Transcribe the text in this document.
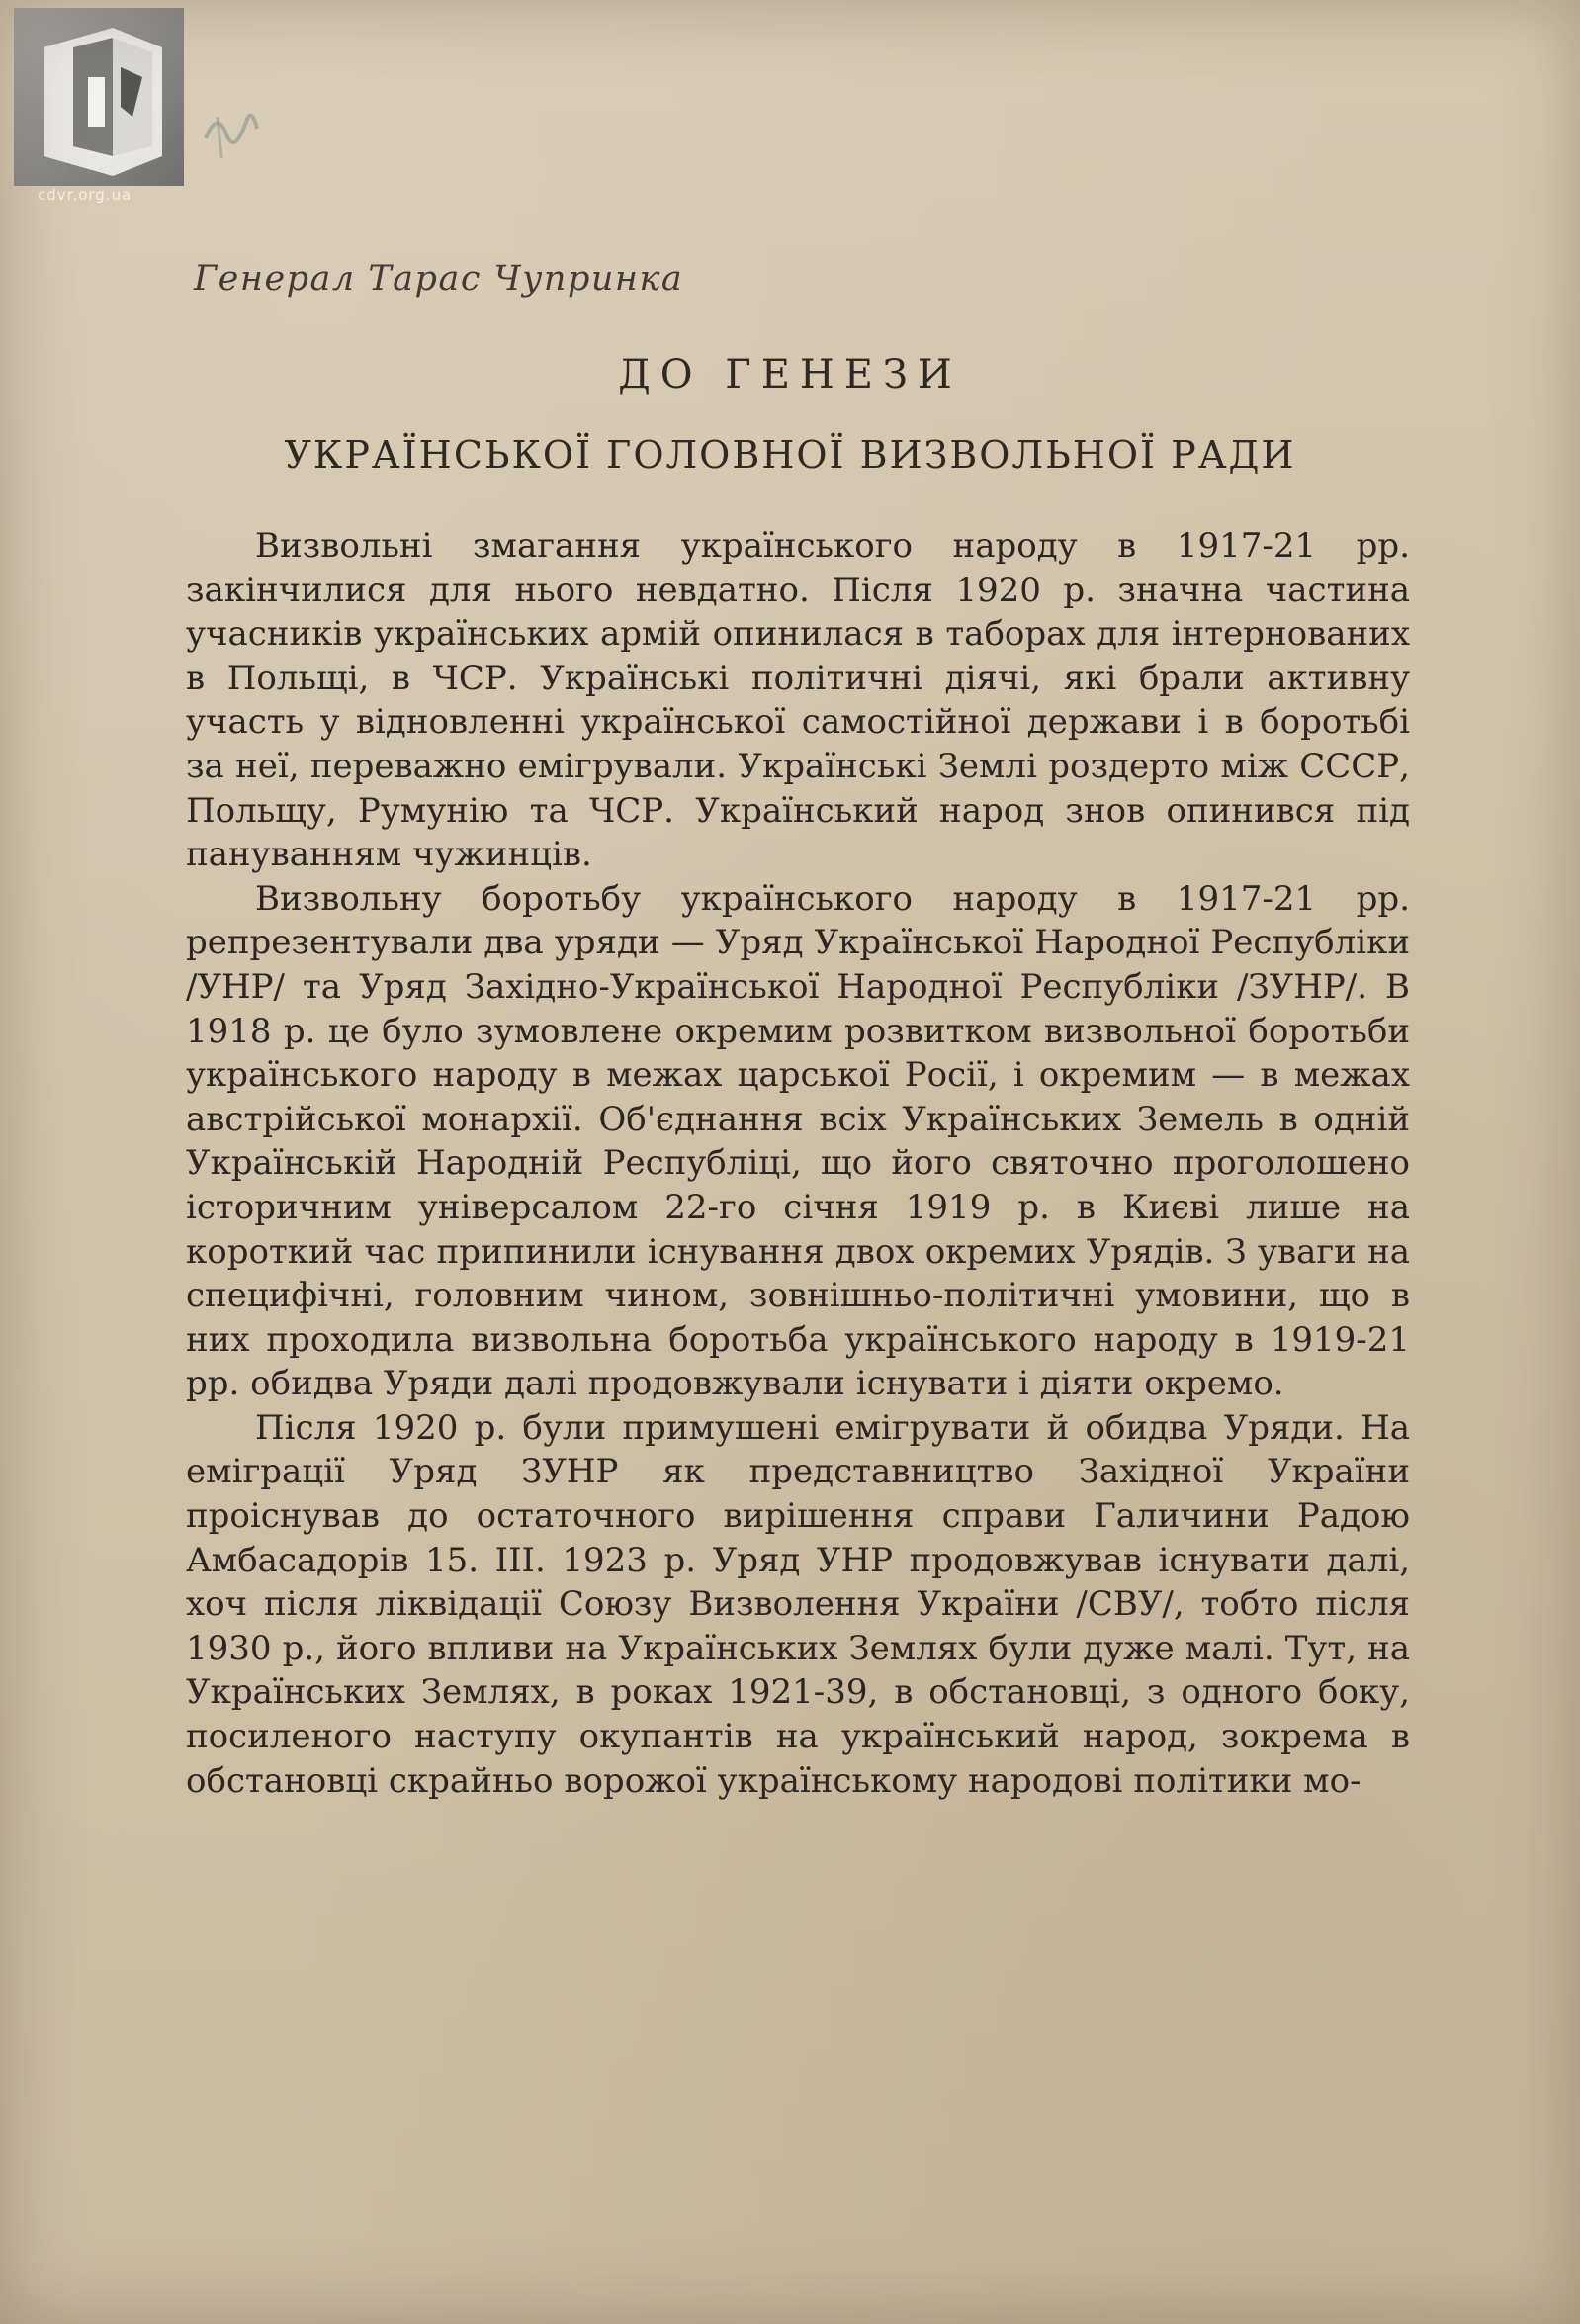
cdvr.org.ua
Генерал Тарас Чупринка
ДО ГЕНЕЗИ
УКРАЇНСЬКОЇ ГОЛОВНОЇ ВИЗВОЛЬНОЇ РАДИ

Визвольні змагання українського народу в 1917-21 рр. закінчилися для нього невдатно. Після 1920 р. значна частина учасників українських армій опинилася в таборах для інтернованих в Польщі, в ЧСР. Українські політичні діячі, які брали активну участь у відновленні української самостійної держави і в боротьбі за неї, переважно емігрували. Українські Землі роздерто між СССР, Польщу, Румунію та ЧСР. Український народ знов опинився під пануванням чужинців.

Визвольну боротьбу українського народу в 1917-21 рр. репрезентували два уряди — Уряд Української Народної Республіки /УНР/ та Уряд Західно-Української Народної Республіки /ЗУНР/. В 1918 р. це було зумовлене окремим розвитком визвольної боротьби українського народу в межах царської Росії, і окремим — в межах австрійської монархії. Об'єднання всіх Українських Земель в одній Українській Народній Республіці, що його святочно проголошено історичним універсалом 22-го січня 1919 р. в Києві лише на короткий час припинили існування двох окремих Урядів. З уваги на специфічні, головним чином, зовнішньо-політичні умовини, що в них проходила визвольна боротьба українського народу в 1919-21 рр. обидва Уряди далі продовжували існувати і діяти окремо.

Після 1920 р. були примушені емігрувати й обидва Уряди. На еміграції Уряд ЗУНР як представництво Західної України проіснував до остаточного вирішення справи Галичини Радою Амбасадорів 15. III. 1923 р. Уряд УНР продовжував існувати далі, хоч після ліквідації Союзу Визволення України /СВУ/, тобто після 1930 р., його впливи на Українських Землях були дуже малі. Тут, на Українських Землях, в роках 1921-39, в обстановці, з одного боку, посиленого наступу окупантів на український народ, зокрема в обстановці скрайньо ворожої українському народові політики мо-
